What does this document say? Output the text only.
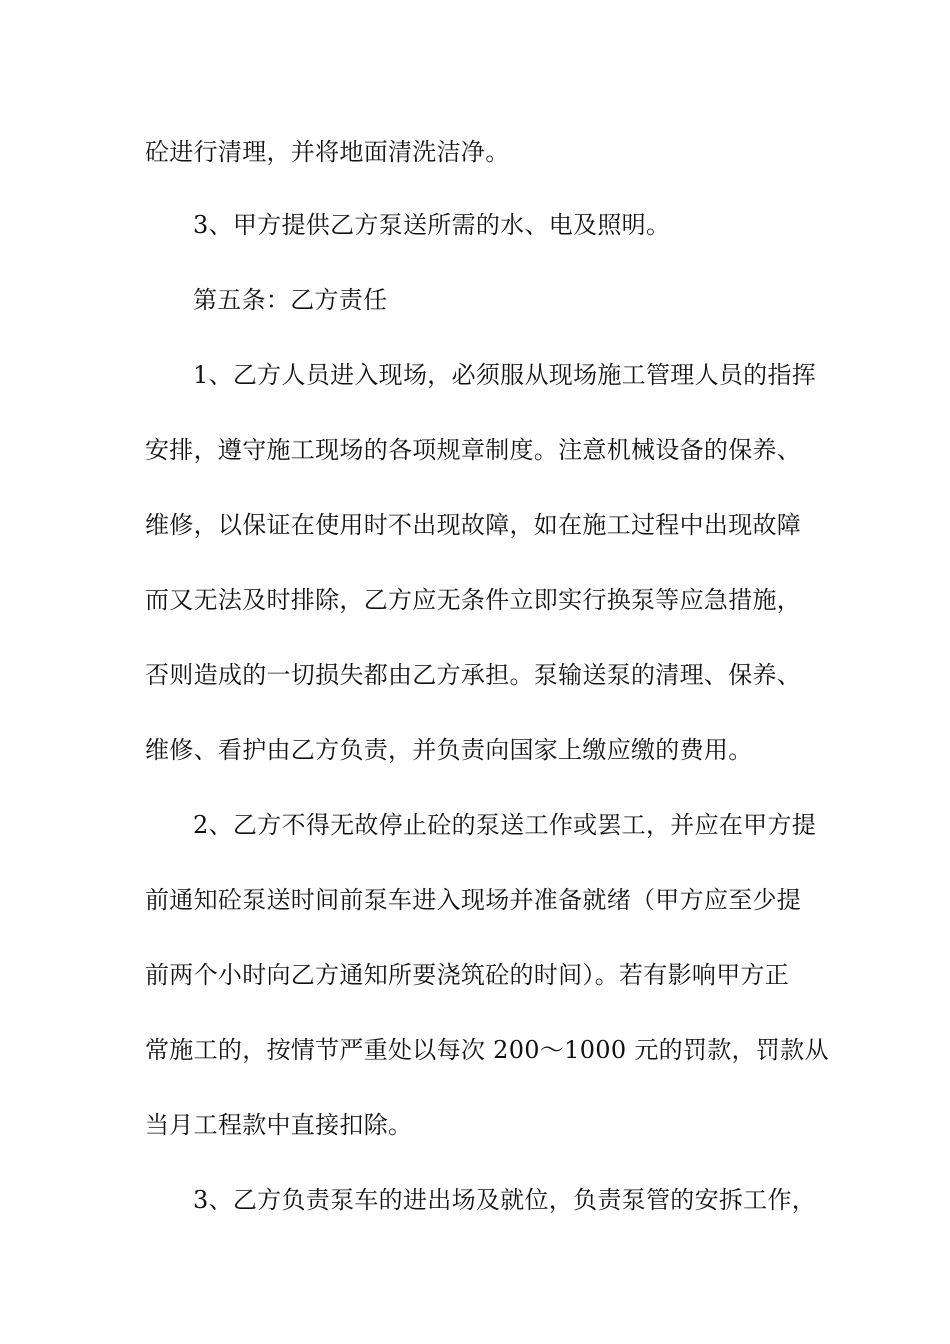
砼进行清理，并将地面清洗洁净。
3、甲方提供乙方泵送所需的水、电及照明。
第五条：乙方责任
1、乙方人员进入现场，必须服从现场施工管理人员的指挥
安排，遵守施工现场的各项规章制度。注意机械设备的保养、
维修，以保证在使用时不出现故障，如在施工过程中出现故障
而又无法及时排除，乙方应无条件立即实行换泵等应急措施，
否则造成的一切损失都由乙方承担。泵输送泵的清理、保养、
维修、看护由乙方负责，并负责向国家上缴应缴的费用。
2、乙方不得无故停止砼的泵送工作或罢工，并应在甲方提
前通知砼泵送时间前泵车进入现场并准备就绪（甲方应至少提
前两个小时向乙方通知所要浇筑砼的时间）。若有影响甲方正
常施工的，按情节严重处以每次 200～1000 元的罚款，罚款从
当月工程款中直接扣除。
3、乙方负责泵车的进出场及就位，负责泵管的安拆工作，
